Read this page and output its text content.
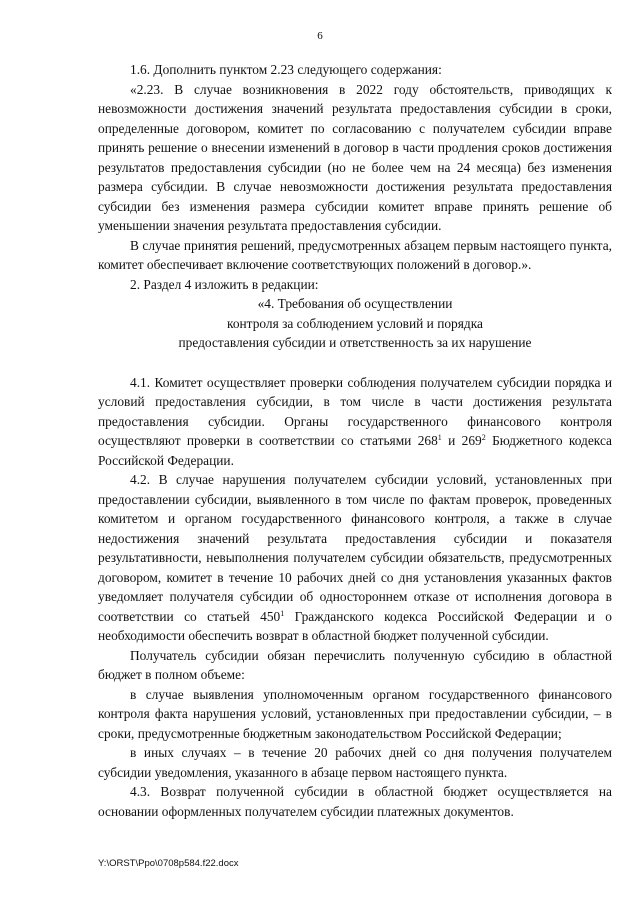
6

1.6. Дополнить пунктом 2.23 следующего содержания:

«2.23. В случае возникновения в 2022 году обстоятельств, приводящих к невозможности достижения значений результата предоставления субсидии в сроки, определенные договором, комитет по согласованию с получателем субсидии вправе принять решение о внесении изменений в договор в части продления сроков достижения результатов предоставления субсидии (но не более чем на 24 месяца) без изменения размера субсидии. В случае невозможности достижения результата предоставления субсидии без изменения размера субсидии комитет вправе принять решение об уменьшении значения результата предоставления субсидии.

В случае принятия решений, предусмотренных абзацем первым настоящего пункта, комитет обеспечивает включение соответствующих положений в договор.».

2. Раздел 4 изложить в редакции:

«4. Требования об осуществлении
контроля за соблюдением условий и порядка
предоставления субсидии и ответственность за их нарушение

4.1. Комитет осуществляет проверки соблюдения получателем субсидии порядка и условий предоставления субсидии, в том числе в части достижения результата предоставления субсидии. Органы государственного финансового контроля осуществляют проверки в соответствии со статьями $268^1$ и $269^2$ Бюджетного кодекса Российской Федерации.

4.2. В случае нарушения получателем субсидии условий, установленных при предоставлении субсидии, выявленного в том числе по фактам проверок, проведенных комитетом и органом государственного финансового контроля, а также в случае недостижения значений результата предоставления субсидии и показателя результативности, невыполнения получателем субсидии обязательств, предусмотренных договором, комитет в течение 10 рабочих дней со дня установления указанных фактов уведомляет получателя субсидии об одностороннем отказе от исполнения договора в соответствии со статьей $450^1$ Гражданского кодекса Российской Федерации и о необходимости обеспечить возврат в областной бюджет полученной субсидии.

Получатель субсидии обязан перечислить полученную субсидию в областной бюджет в полном объеме:

в случае выявления уполномоченным органом государственного финансового контроля факта нарушения условий, установленных при предоставлении субсидии, – в сроки, предусмотренные бюджетным законодательством Российской Федерации;

в иных случаях – в течение 20 рабочих дней со дня получения получателем субсидии уведомления, указанного в абзаце первом настоящего пункта.

4.3. Возврат полученной субсидии в областной бюджет осуществляется на основании оформленных получателем субсидии платежных документов.

Y:\ORST\Ppo\0708p584.f22.docx
